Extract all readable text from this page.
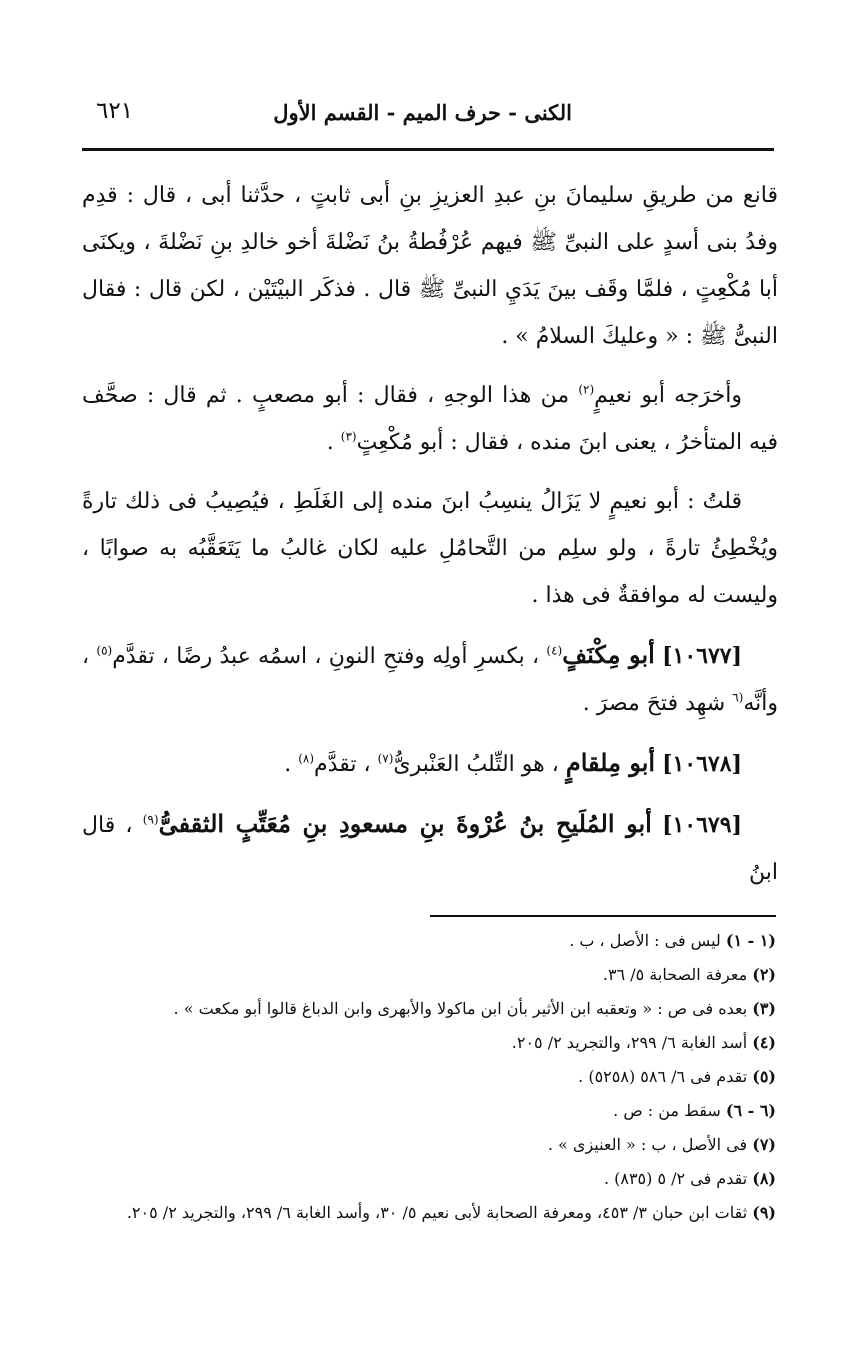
الكنى - حرف الميم - القسم الأول
٦٢١

قانع من طريقِ سليمانَ بنِ عبدِ العزيزِ بنِ أبى ثابتٍ ، حدَّثنا أبى ، قال : قدِم وفدُ بنى أسدٍ على النبىِّ ﷺ فيهم عُرْفُطةُ بنُ نَضْلةَ أخو خالدِ بنِ نَضْلةَ ، ويكنَى أبا مُكْعِتٍ ، فلمَّا وقَف بينَ يَدَيِ النبىِّ ﷺ قال . فذكَر البيْتَيْن ، لكن قال : فقال النبىُّ ﷺ : « وعليكَ السلامُ » .

وأخرَجه أبو نعيمٍ$^{(٢)}$ من هذا الوجهِ ، فقال : أبو مصعبٍ . ثم قال : صحَّف فيه المتأخرُ ، يعنى ابنَ منده ، فقال : أبو مُكْعِتٍ$^{(٣)}$ .

قلتُ : أبو نعيمٍ لا يَزَالُ ينسِبُ ابنَ منده إلى الغَلَطِ ، فيُصِيبُ فى ذلك تارةً ويُخْطِئُ تارةً ، ولو سلِم من التَّحامُلِ عليه لكان غالبُ ما يَتَعَقَّبُه به صوابًا ، وليست له موافقةٌ فى هذا .

[١٠٦٧٧] أبو مِكْنَفٍ$^{(٤)}$ ، بكسرِ أولِه وفتحِ النونِ ، اسمُه عبدُ رضًا ، تقدَّم$^{(٥)}$ ، وأنَّه$^{(٦}$ شهِد فتحَ مصرَ .

[١٠٦٧٨] أبو مِلقامٍ ، هو التِّلبُ العَنْبرىُّ$^{(٧)}$ ، تقدَّم$^{(٨)}$ .

[١٠٦٧٩] أبو المُلَيحِ بنُ عُرْوةَ بنِ مسعودِ بنِ مُعَتِّبٍ الثقفىُّ$^{(٩)}$ ، قال ابنُ

(١ - ١) ليس فى : الأصل ، ب .

(٢) معرفة الصحابة ٥/ ٣٦.

(٣) بعده فى ص : « وتعقبه ابن الأثير بأن ابن ماكولا والأبهرى وابن الدباغ قالوا أبو مكعت » .

(٤) أسد الغابة ٦/ ٢٩٩، والتجريد ٢/ ٢٠٥.

(٥) تقدم فى ٦/ ٥٨٦ (٥٢٥٨) .

(٦ - ٦) سقط من : ص .

(٧) فى الأصل ، ب : « العنيزى » .

(٨) تقدم فى ٢/ ٥ (٨٣٥) .

(٩) ثقات ابن حبان ٣/ ٤٥٣، ومعرفة الصحابة لأبى نعيم ٥/ ٣٠، وأسد الغابة ٦/ ٢٩٩، والتجريد ٢/ ٢٠٥.
